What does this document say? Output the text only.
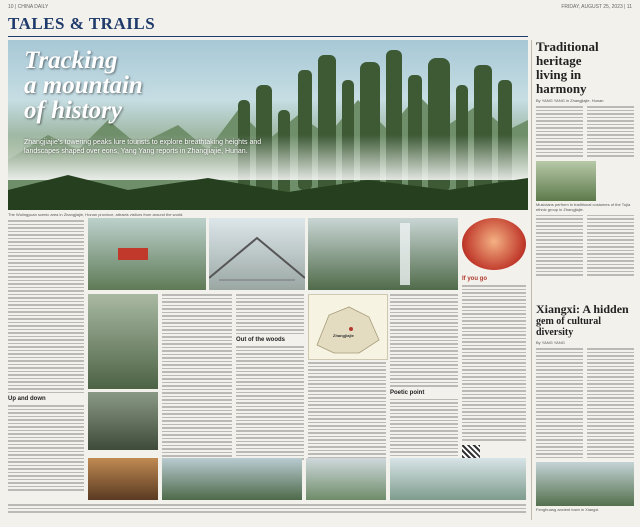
10 | CHINA DAILY	FRIDAY, AUGUST 25, 2023 | 11
TALES & TRAILS
Tracking
a mountain
of history
Zhangjiajie's towering peaks lure tourists to explore breathtaking heights and landscapes shaped over eons, Yang Yang reports in Zhangjiajie, Hunan.
The Wulingyuan scenic area in Zhangjiajie, Hunan province, attracts visitors from around the world.
Up and down
Out of the woods
Zhangjiajie
Poetic point
If you go
Traditional heritage
living in harmony
By YANG YANG in Zhangjiajie, Hunan
Musicians perform in traditional costumes of the Tujia ethnic group in Zhangjiajie.
Xiangxi: A hidden
gem of cultural diversity
By YANG YANG
Fenghuang ancient town in Xiangxi.
